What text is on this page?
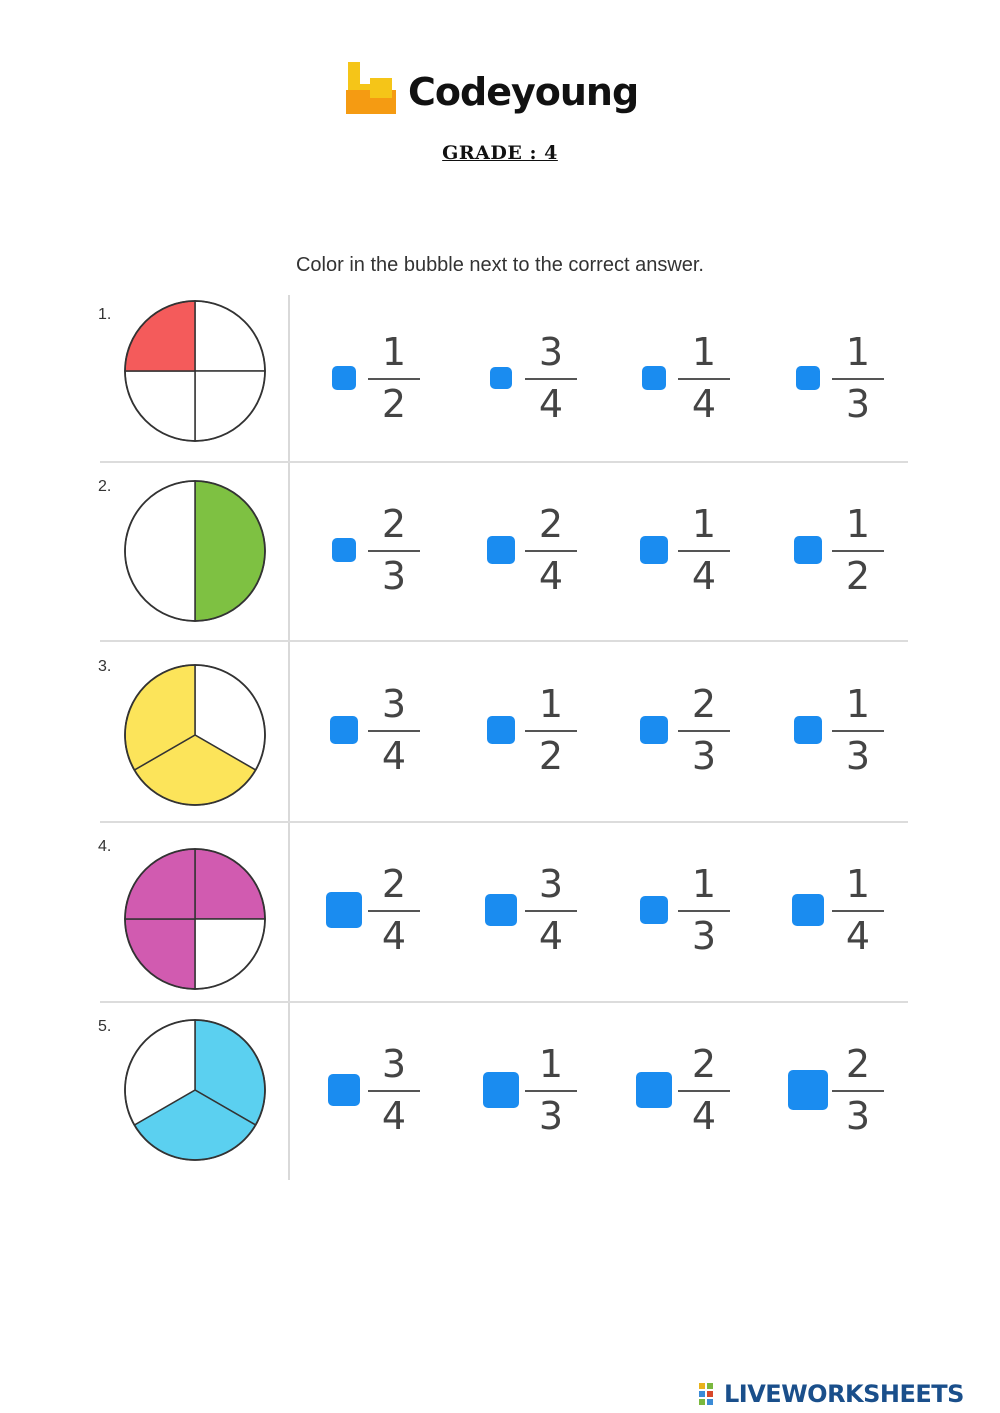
Codeyoung
GRADE : 4
Color in the bubble next to the correct answer.
1.
1
2
3
4
1
4
1
3
2.
2
3
2
4
1
4
1
2
3.
3
4
1
2
2
3
1
3
4.
2
4
3
4
1
3
1
4
5.
3
4
1
3
2
4
2
3
LIVEWORKSHEETS
